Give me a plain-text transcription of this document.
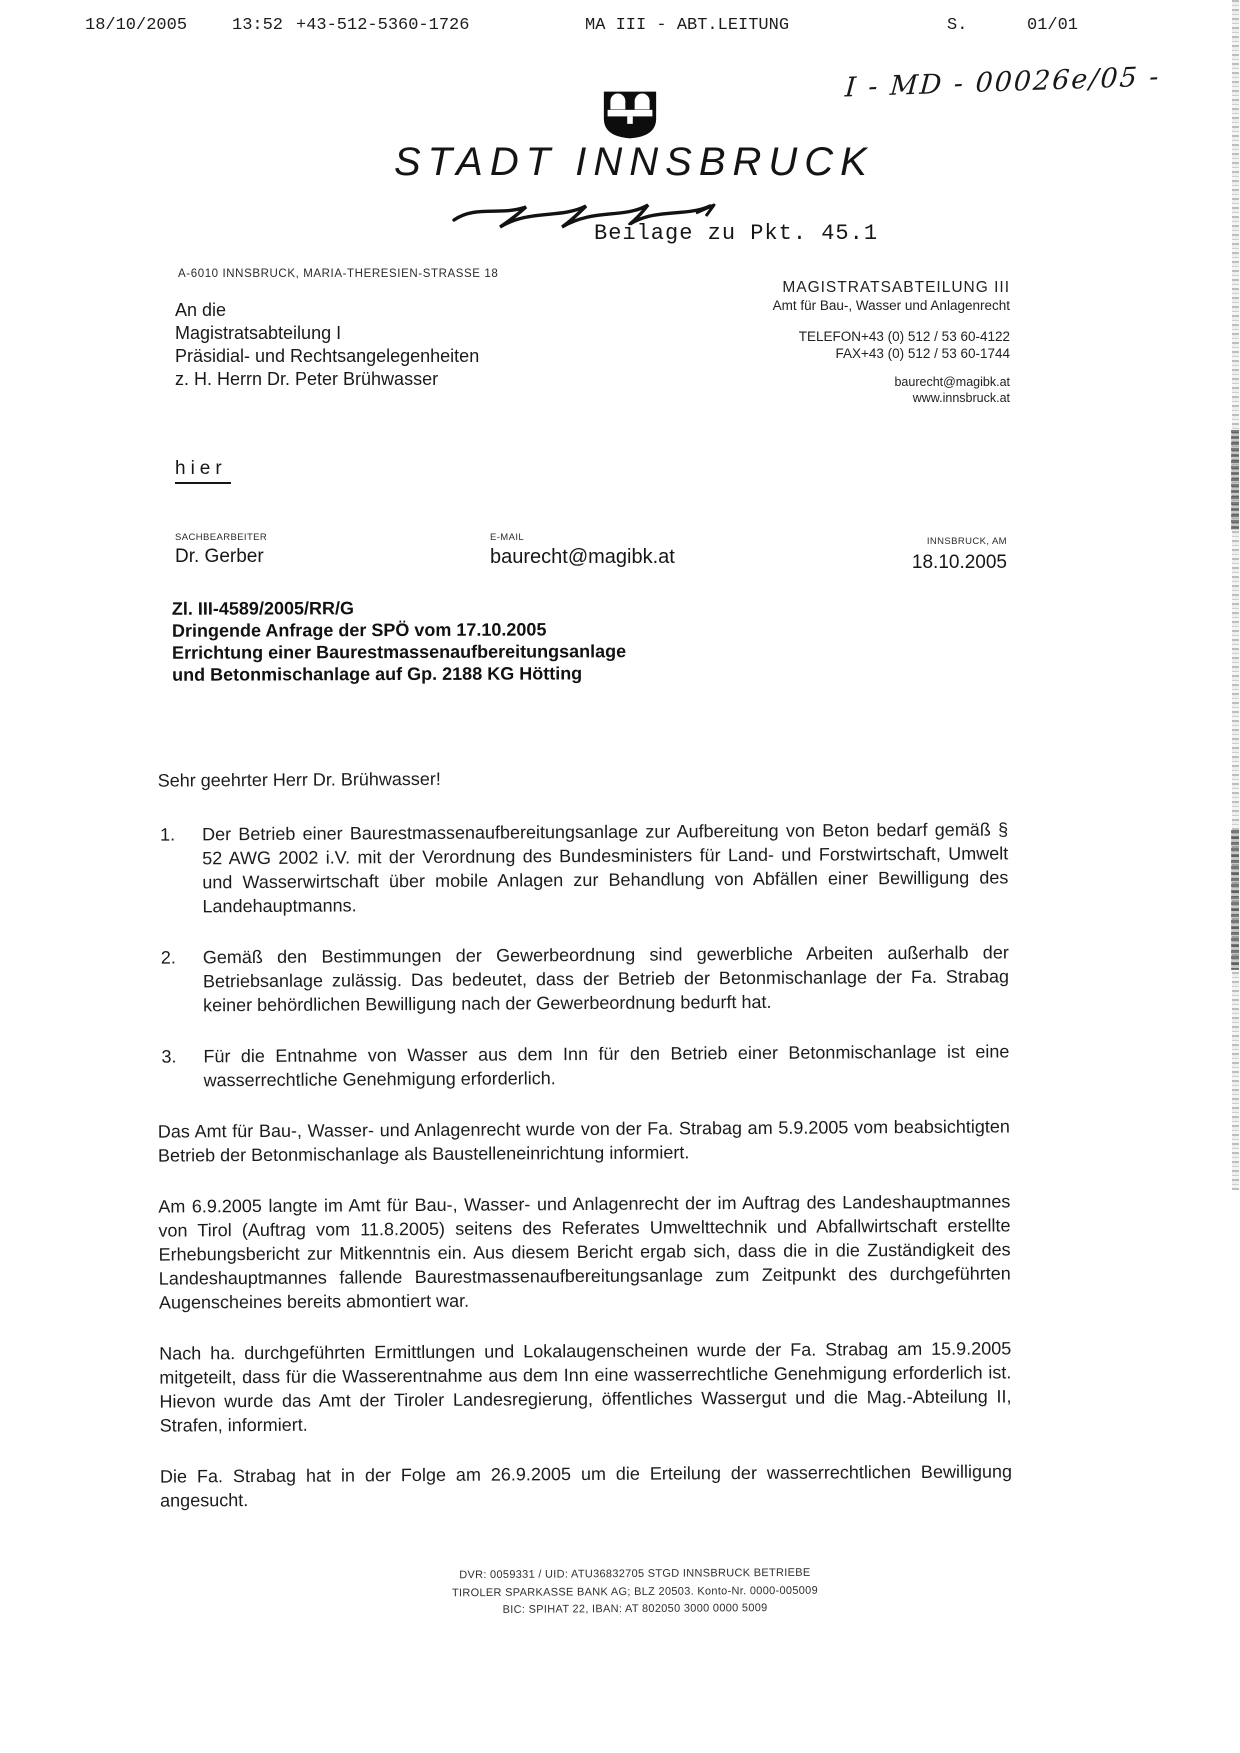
18/10/2005	13:52 +43-512-5360-1726	MA III - ABT.LEITUNG	S.	01/01
I - MD - 00026e/05 -
STADT INNSBRUCK
Beilage zu Pkt. 45.1
A-6010 INNSBRUCK, MARIA-THERESIEN-STRASSE 18
An die
Magistratsabteilung I
Präsidial- und Rechtsangelegenheiten
z. H. Herrn Dr. Peter Brühwasser
hier
MAGISTRATSABTEILUNG III
Amt für Bau-, Wasser und Anlagenrecht
TELEFON+43 (0) 512 / 53 60-4122
FAX+43 (0) 512 / 53 60-1744
baurecht@magibk.at
www.innsbruck.at
SACHBEARBEITER
Dr. Gerber
E-MAIL
baurecht@magibk.at
INNSBRUCK, AM
18.10.2005
Zl. III-4589/2005/RR/G
Dringende Anfrage der SPÖ vom 17.10.2005
Errichtung einer Baurestmassenaufbereitungsanlage
und Betonmischanlage auf Gp. 2188 KG Hötting

Sehr geehrter Herr Dr. Brühwasser!

1.	Der Betrieb einer Baurestmassenaufbereitungsanlage zur Aufbereitung von Beton bedarf gemäß § 52 AWG 2002 i.V. mit der Verordnung des Bundesministers für Land- und Forstwirtschaft, Umwelt und Wasserwirtschaft über mobile Anlagen zur Behandlung von Abfällen einer Bewilligung des Landehauptmanns.
2.	Gemäß den Bestimmungen der Gewerbeordnung sind gewerbliche Arbeiten außerhalb der Betriebsanlage zulässig. Das bedeutet, dass der Betrieb der Betonmischanlage der Fa. Strabag keiner behördlichen Bewilligung nach der Gewerbeordnung bedurft hat.
3.	Für die Entnahme von Wasser aus dem Inn für den Betrieb einer Betonmischanlage ist eine wasserrechtliche Genehmigung erforderlich.

Das Amt für Bau-, Wasser- und Anlagenrecht wurde von der Fa. Strabag am 5.9.2005 vom beabsichtigten Betrieb der Betonmischanlage als Baustelleneinrichtung informiert.

Am 6.9.2005 langte im Amt für Bau-, Wasser- und Anlagenrecht der im Auftrag des Landeshauptmannes von Tirol (Auftrag vom 11.8.2005) seitens des Referates Umwelttechnik und Abfallwirtschaft erstellte Erhebungsbericht zur Mitkenntnis ein. Aus diesem Bericht ergab sich, dass die in die Zuständigkeit des Landeshauptmannes fallende Baurestmassenaufbereitungsanlage zum Zeitpunkt des durchgeführten Augenscheines bereits abmontiert war.

Nach ha. durchgeführten Ermittlungen und Lokalaugenscheinen wurde der Fa. Strabag am 15.9.2005 mitgeteilt, dass für die Wasserentnahme aus dem Inn eine wasserrechtliche Genehmigung erforderlich ist. Hievon wurde das Amt der Tiroler Landesregierung, öffentliches Wassergut und die Mag.-Abteilung II, Strafen, informiert.

Die Fa. Strabag hat in der Folge am 26.9.2005 um die Erteilung der wasserrechtlichen Bewilligung angesucht.

DVR: 0059331 / UID: ATU36832705 STGD INNSBRUCK BETRIEBE
TIROLER SPARKASSE BANK AG; BLZ 20503. Konto-Nr. 0000-005009
BIC: SPIHAT 22, IBAN: AT 802050 3000 0000 5009
